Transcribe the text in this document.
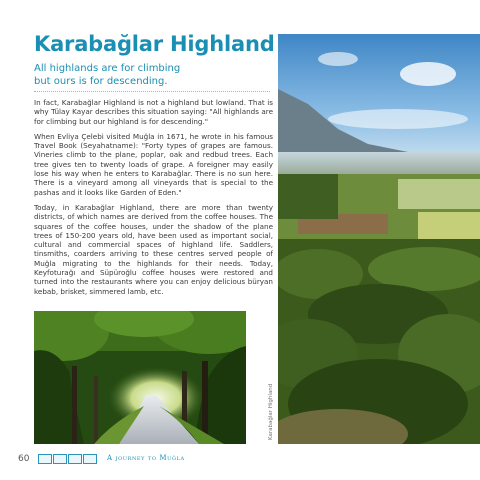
Karabağlar Highland
All highlands are for climbing
but ours is for descending.

In fact, Karabağlar Highland is not a highland but lowland. That is why Tülay Kayar describes this situation saying: "All highlands are for climbing but our highland is for descending."

When Evliya Çelebi visited Muğla in 1671, he wrote in his famous Travel Book (Seyahatname): "Forty types of grapes are famous. Vineries climb to the plane, poplar, oak and redbud trees. Each tree gives ten to twenty loads of grape. A foreigner may easily lose his way when he enters to Karabağlar. There is no sun here. There is a vineyard among all vineyards that is special to the pashas and it looks like Garden of Eden."

Today, in Karabağlar Highland, there are more than twenty districts, of which names are derived from the coffee houses. The squares of the coffee houses, under the shadow of the plane trees of 150-200 years old, have been used as important social, cultural and commercial spaces of highland life. Saddlers, tinsmiths, coarders arriving to these centres served people of Muğla migrating to the highlands for their needs. Today, Keyfoturağı and Süpüroğlu coffee houses were restored and turned into the restaurants where you can enjoy delicious büryan kebab, brisket, simmered lamb, etc.

Karabağlar Highland
60	A journey to Muğla
